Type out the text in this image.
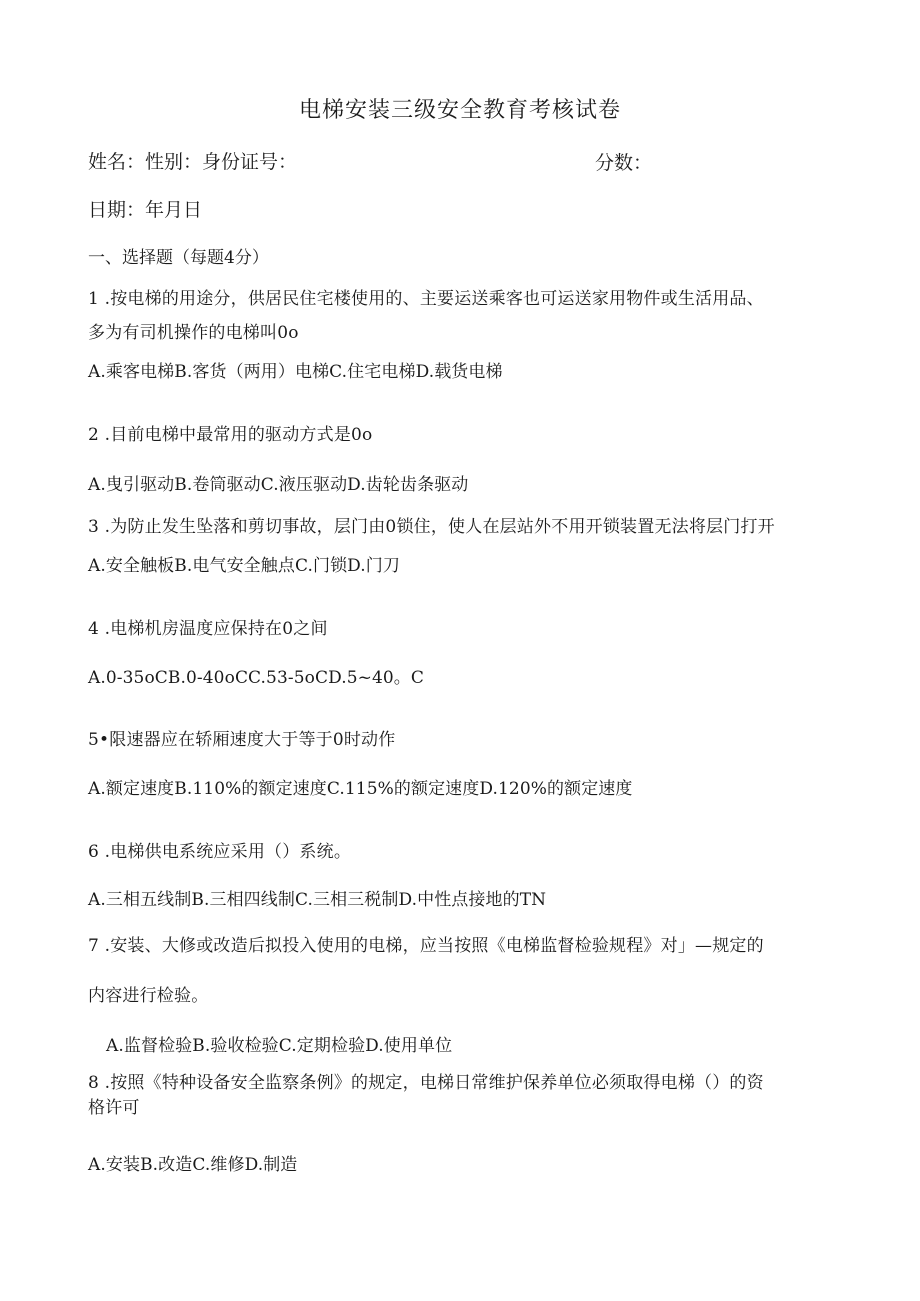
电梯安装三级安全教育考核试卷
姓名：性别：身份证号：	分数：
日期：年月日
一、选择题（每题4分）
1 .按电梯的用途分，供居民住宅楼使用的、主要运送乘客也可运送家用物件或生活用品、
多为有司机操作的电梯叫0o
A.乘客电梯B.客货（两用）电梯C.住宅电梯D.载货电梯
2 .目前电梯中最常用的驱动方式是0o
A.曳引驱动B.卷筒驱动C.液压驱动D.齿轮齿条驱动
3 .为防止发生坠落和剪切事故，层门由0锁住，使人在层站外不用开锁装置无法将层门打开
A.安全触板B.电气安全触点C.门锁D.门刀
4 .电梯机房温度应保持在0之间
A.0-35oCB.0-40oCC.53-5oCD.5~40。C
5•限速器应在轿厢速度大于等于0时动作
A.额定速度B.110%的额定速度C.115%的额定速度D.120%的额定速度
6 .电梯供电系统应采用（）系统。
A.三相五线制B.三相四线制C.三相三税制D.中性点接地的TN
7 .安装、大修或改造后拟投入使用的电梯，应当按照《电梯监督检验规程》对」—规定的
内容进行检验。
A.监督检验B.验收检验C.定期检验D.使用单位
8 .按照《特种设备安全监察条例》的规定，电梯日常维护保养单位必须取得电梯（）的资
格许可
A.安装B.改造C.维修D.制造
